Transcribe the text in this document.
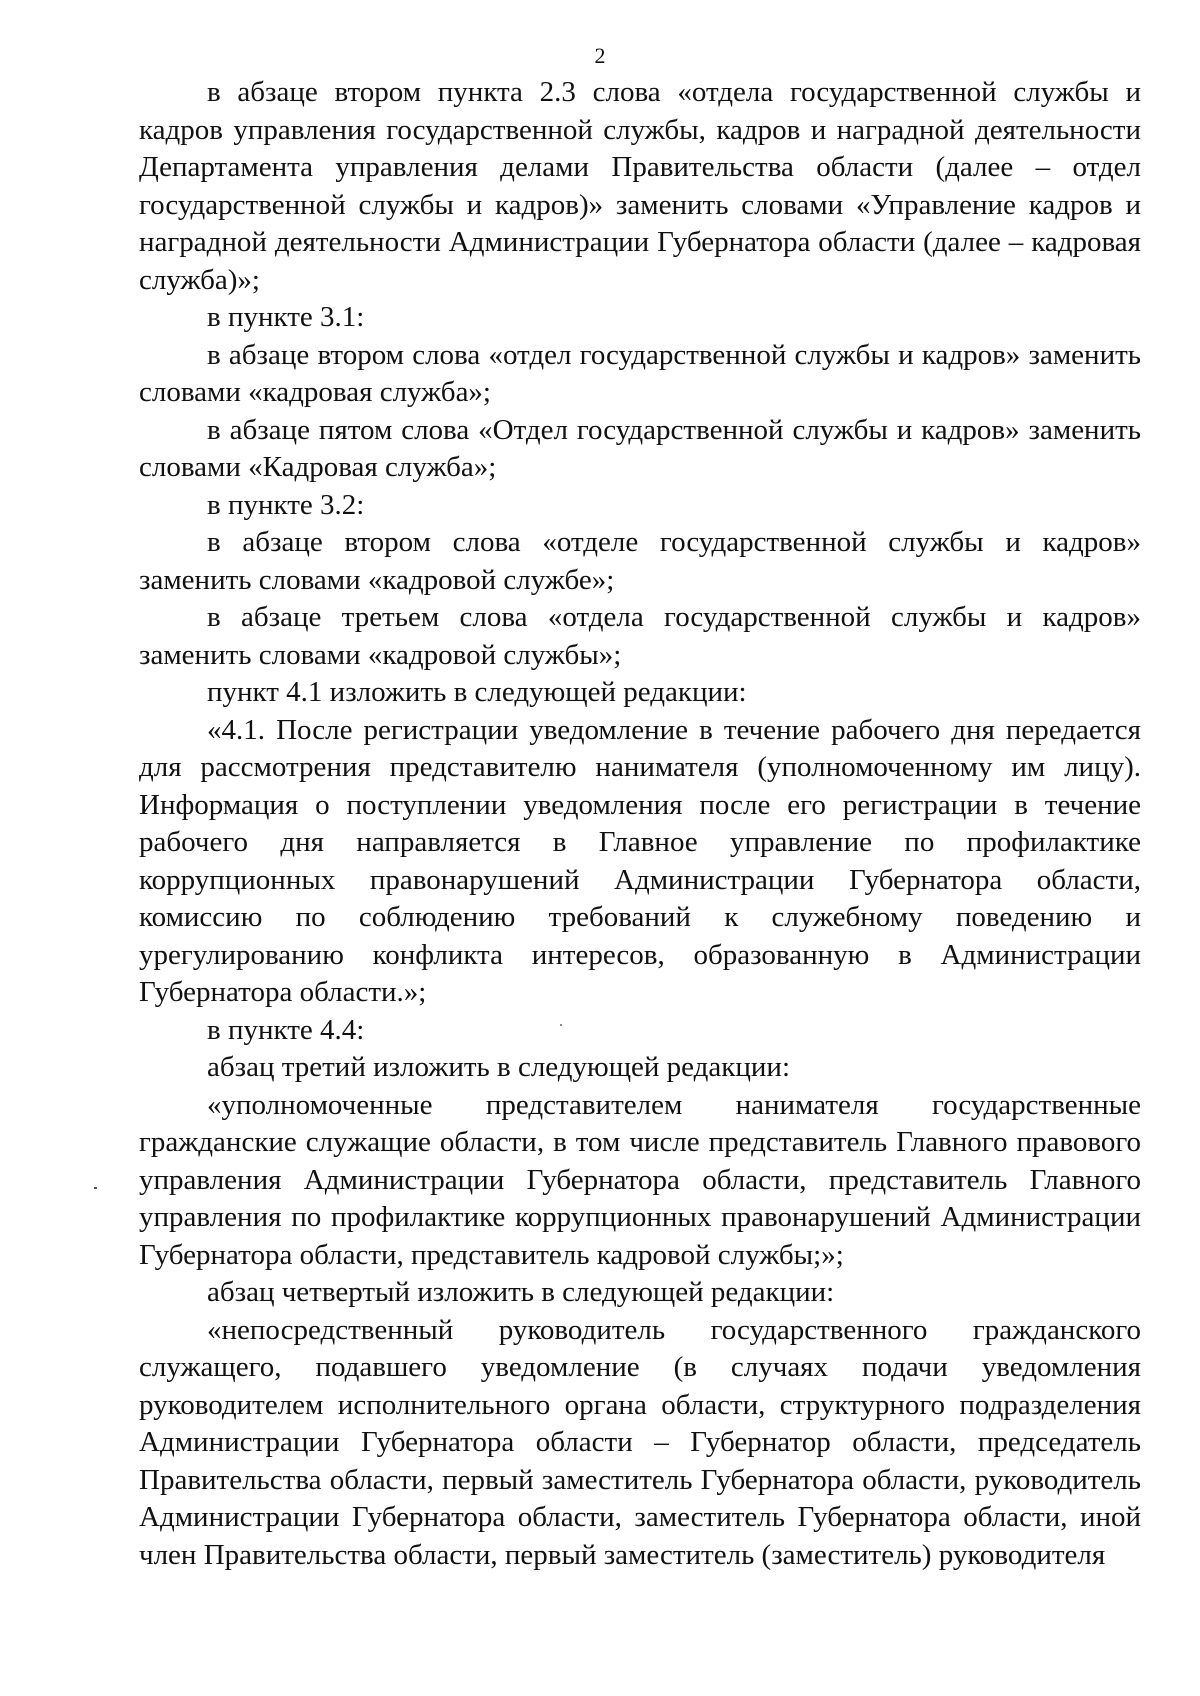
2

в абзаце втором пункта 2.3 слова «отдела государственной службы и кадров управления государственной службы, кадров и наградной деятельности Департамента управления делами Правительства области (далее – отдел государственной службы и кадров)» заменить словами «Управление кадров и наградной деятельности Администрации Губернатора области (далее – кадровая служба)»;

в пункте 3.1:

в абзаце втором слова «отдел государственной службы и кадров» заменить словами «кадровая служба»;

в абзаце пятом слова «Отдел государственной службы и кадров» заменить словами «Кадровая служба»;

в пункте 3.2:

в абзаце втором слова «отделе государственной службы и кадров» заменить словами «кадровой службе»;

в абзаце третьем слова «отдела государственной службы и кадров» заменить словами «кадровой службы»;

пункт 4.1 изложить в следующей редакции:

«4.1. После регистрации уведомление в течение рабочего дня передается для рассмотрения представителю нанимателя (уполномоченному им лицу). Информация о поступлении уведомления после его регистрации в течение рабочего дня направляется в Главное управление по профилактике коррупционных правонарушений Администрации Губернатора области, комиссию по соблюдению требований к служебному поведению и урегулированию конфликта интересов, образованную в Администрации Губернатора области.»;

в пункте 4.4:

абзац третий изложить в следующей редакции:

«уполномоченные представителем нанимателя государственные гражданские служащие области, в том числе представитель Главного правового управления Администрации Губернатора области, представитель Главного управления по профилактике коррупционных правонарушений Администрации Губернатора области, представитель кадровой службы;»;

абзац четвертый изложить в следующей редакции:

«непосредственный руководитель государственного гражданского служащего, подавшего уведомление (в случаях подачи уведомления руководителем исполнительного органа области, структурного подразделения Администрации Губернатора области – Губернатор области, председатель Правительства области, первый заместитель Губернатора области, руководитель Администрации Губернатора области, заместитель Губернатора области, иной член Правительства области, первый заместитель (заместитель) руководителя
